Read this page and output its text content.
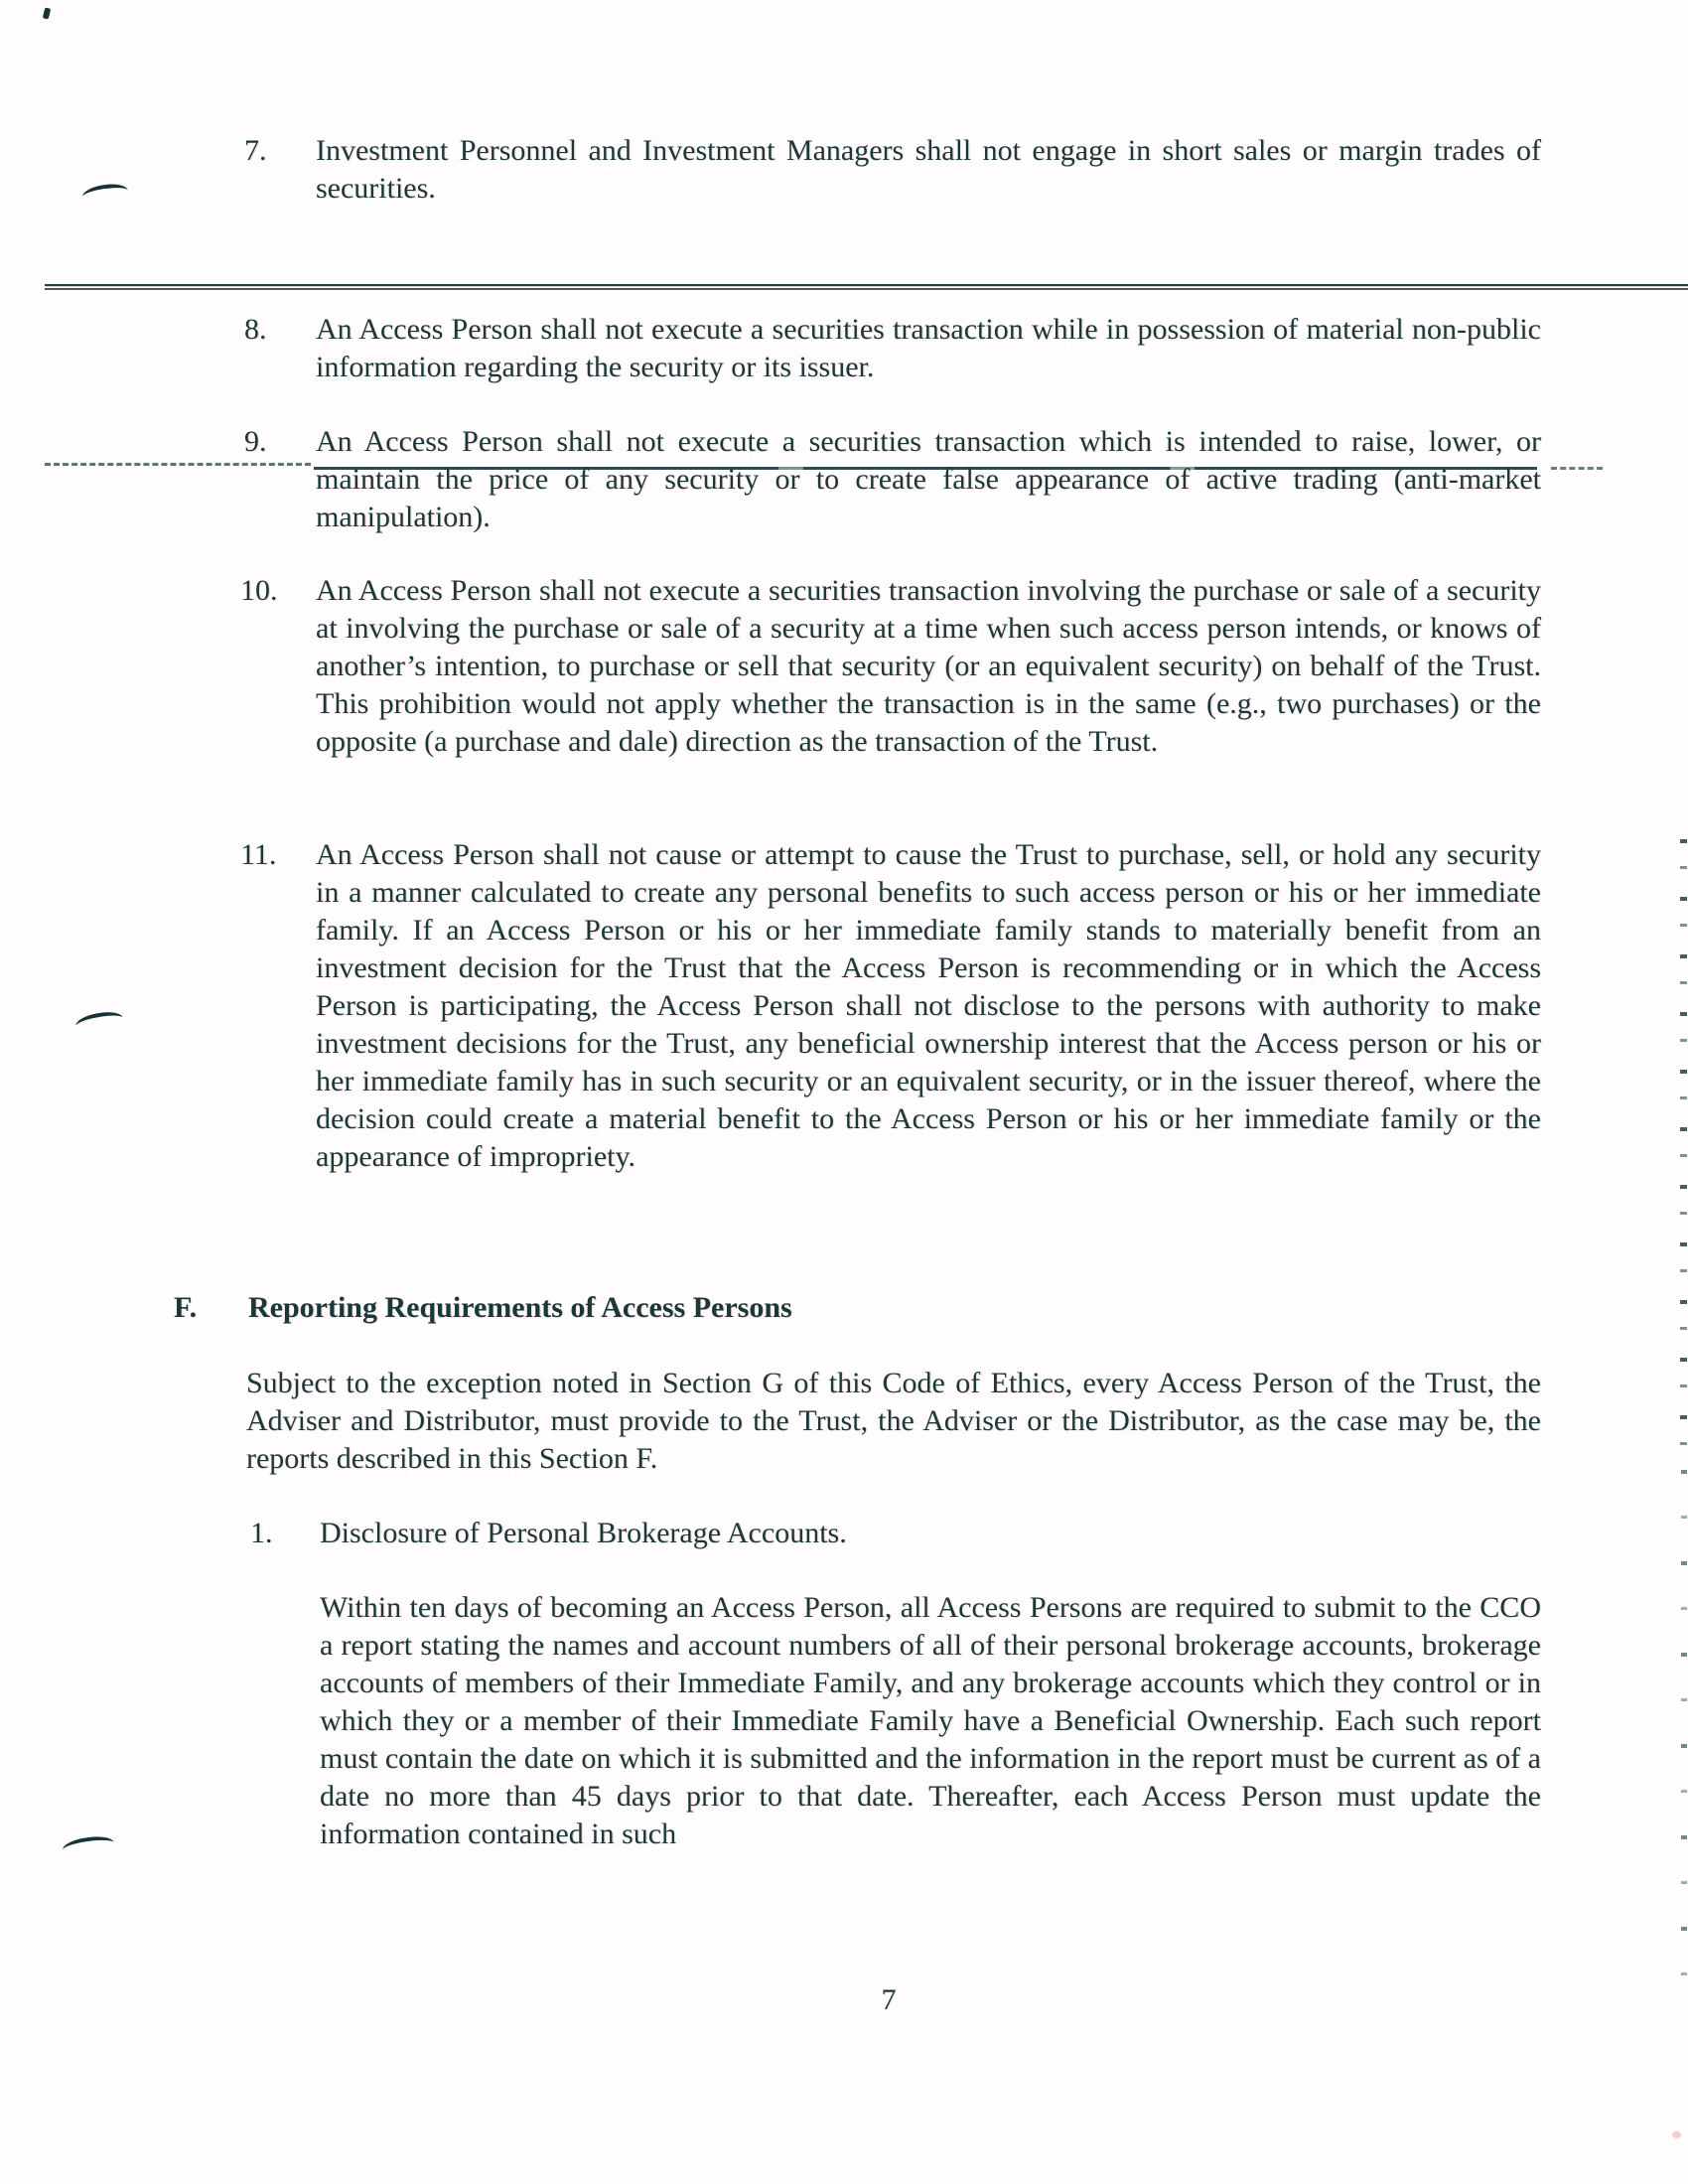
7. Investment Personnel and Investment Managers shall not engage in short sales or margin trades of securities.
8. An Access Person shall not execute a securities transaction while in possession of material non-public information regarding the security or its issuer.
9. An Access Person shall not execute a securities transaction which is intended to raise, lower, or maintain the price of any security or to create false appearance of active trading (anti-market manipulation).
10. An Access Person shall not execute a securities transaction involving the purchase or sale of a security at involving the purchase or sale of a security at a time when such access person intends, or knows of another’s intention, to purchase or sell that security (or an equivalent security) on behalf of the Trust. This prohibition would not apply whether the transaction is in the same (e.g., two purchases) or the opposite (a purchase and dale) direction as the transaction of the Trust.
11. An Access Person shall not cause or attempt to cause the Trust to purchase, sell, or hold any security in a manner calculated to create any personal benefits to such access person or his or her immediate family. If an Access Person or his or her immediate family stands to materially benefit from an investment decision for the Trust that the Access Person is recommending or in which the Access Person is participating, the Access Person shall not disclose to the persons with authority to make investment decisions for the Trust, any beneficial ownership interest that the Access person or his or her immediate family has in such security or an equivalent security, or in the issuer thereof, where the decision could create a material benefit to the Access Person or his or her immediate family or the appearance of impropriety.
F. Reporting Requirements of Access Persons
Subject to the exception noted in Section G of this Code of Ethics, every Access Person of the Trust, the Adviser and Distributor, must provide to the Trust, the Adviser or the Distributor, as the case may be, the reports described in this Section F.
1. Disclosure of Personal Brokerage Accounts.
Within ten days of becoming an Access Person, all Access Persons are required to submit to the CCO a report stating the names and account numbers of all of their personal brokerage accounts, brokerage accounts of members of their Immediate Family, and any brokerage accounts which they control or in which they or a member of their Immediate Family have a Beneficial Ownership. Each such report must contain the date on which it is submitted and the information in the report must be current as of a date no more than 45 days prior to that date. Thereafter, each Access Person must update the information contained in such
7
